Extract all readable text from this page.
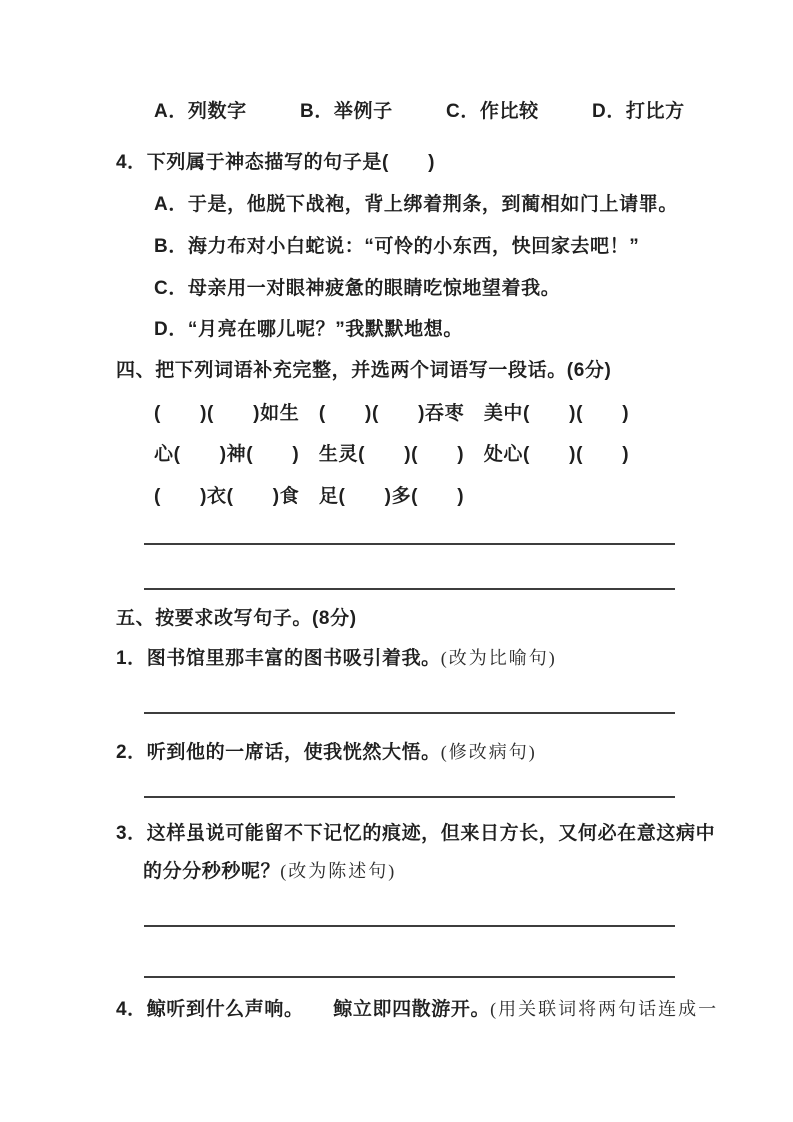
A．列数字	B．举例子	C．作比较	D．打比方
4．下列属于神态描写的句子是(　　)
A．于是，他脱下战袍，背上绑着荆条，到蔺相如门上请罪。
B．海力布对小白蛇说：“可怜的小东西，快回家去吧！”
C．母亲用一对眼神疲惫的眼睛吃惊地望着我。
D．“月亮在哪儿呢？”我默默地想。
四、把下列词语补充完整，并选两个词语写一段话。(6分)
(　　)(　　)如生　(　　)(　　)吞枣　美中(　　)(　　)
心(　　)神(　　)　生灵(　　)(　　)　处心(　　)(　　)
(　　)衣(　　)食　足(　　)多(　　)
五、按要求改写句子。(8分)
1．图书馆里那丰富的图书吸引着我。(改为比喻句)
2．听到他的一席话，使我恍然大悟。(修改病句)
3．这样虽说可能留不下记忆的痕迹，但来日方长，又何必在意这病中
的分分秒秒呢？(改为陈述句)
4．鲸听到什么声响。　　鲸立即四散游开。(用关联词将两句话连成一
